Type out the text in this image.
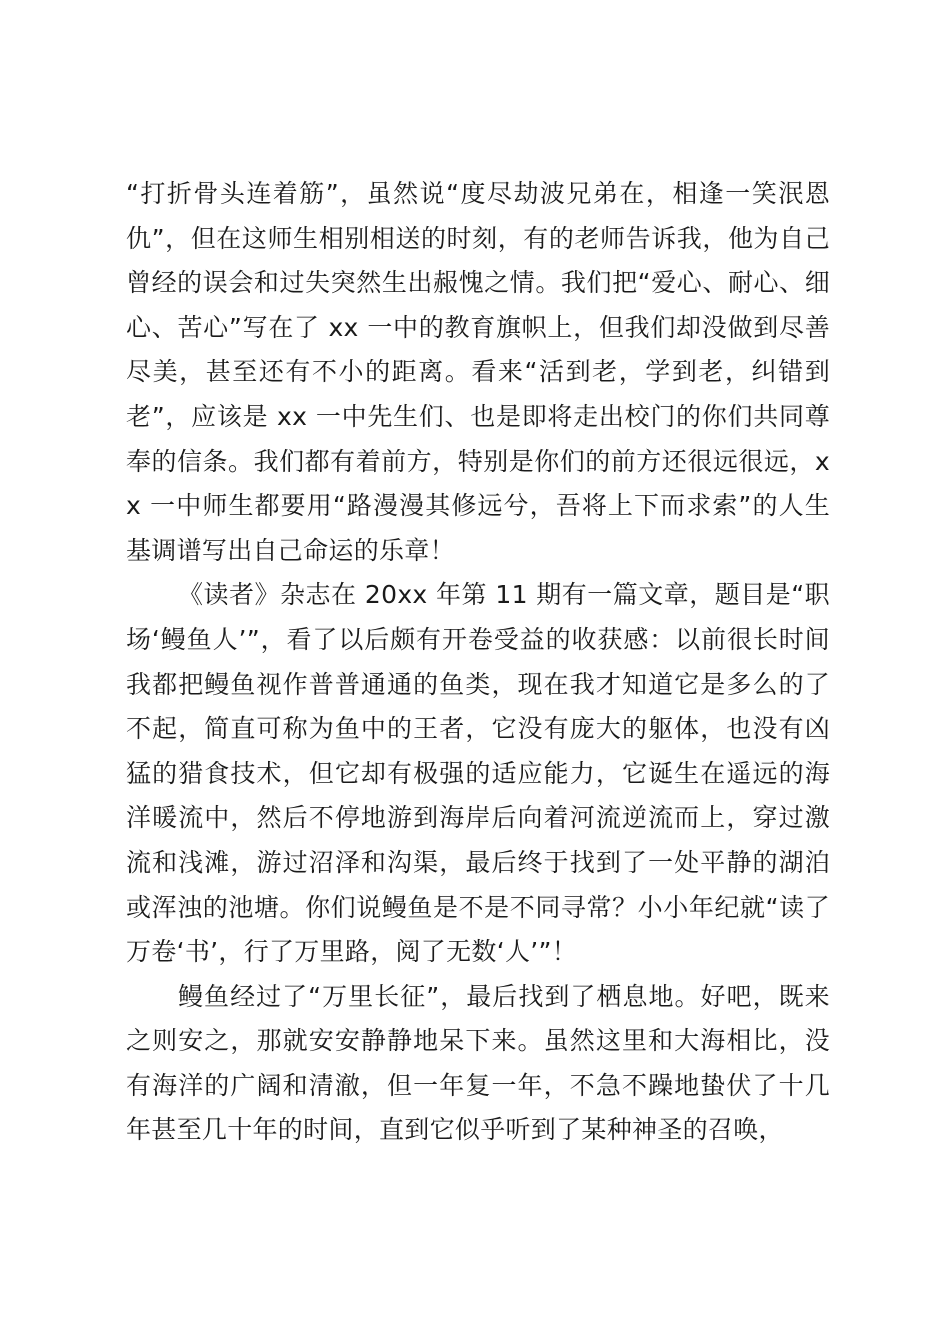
“打折骨头连着筋”，虽然说“度尽劫波兄弟在，相逢一笑泯恩仇”，但在这师生相别相送的时刻，有的老师告诉我，他为自己曾经的误会和过失突然生出赧愧之情。我们把“爱心、耐心、细心、苦心”写在了 xx 一中的教育旗帜上，但我们却没做到尽善尽美，甚至还有不小的距离。看来“活到老，学到老，纠错到老”，应该是 xx 一中先生们、也是即将走出校门的你们共同尊奉的信条。我们都有着前方，特别是你们的前方还很远很远，xx 一中师生都要用“路漫漫其修远兮，吾将上下而求索”的人生基调谱写出自己命运的乐章！

《读者》杂志在 20xx 年第 11 期有一篇文章，题目是“职场‘鳗鱼人’”，看了以后颇有开卷受益的收获感：以前很长时间我都把鳗鱼视作普普通通的鱼类，现在我才知道它是多么的了不起，简直可称为鱼中的王者，它没有庞大的躯体，也没有凶猛的猎食技术，但它却有极强的适应能力，它诞生在遥远的海洋暖流中，然后不停地游到海岸后向着河流逆流而上，穿过激流和浅滩，游过沼泽和沟渠，最后终于找到了一处平静的湖泊或浑浊的池塘。你们说鳗鱼是不是不同寻常？小小年纪就“读了万卷‘书’，行了万里路，阅了无数‘人’”！

鳗鱼经过了“万里长征”，最后找到了栖息地。好吧，既来之则安之，那就安安静静地呆下来。虽然这里和大海相比，没有海洋的广阔和清澈，但一年复一年，不急不躁地蛰伏了十几年甚至几十年的时间，直到它似乎听到了某种神圣的召唤，
